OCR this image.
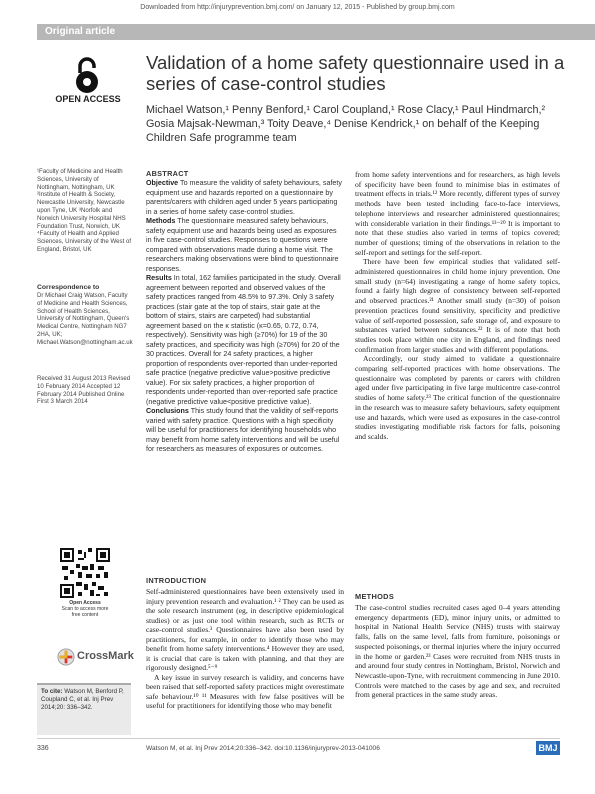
Downloaded from http://injuryprevention.bmj.com/ on January 12, 2015 - Published by group.bmj.com
Original article
OPEN ACCESS
Validation of a home safety questionnaire used in a series of case-control studies
Michael Watson,¹ Penny Benford,¹ Carol Coupland,¹ Rose Clacy,¹ Paul Hindmarch,² Gosia Majsak-Newman,³ Toity Deave,⁴ Denise Kendrick,¹ on behalf of the Keeping Children Safe programme team
¹Faculty of Medicine and Health Sciences, University of Nottingham, Nottingham, UK ²Institute of Health & Society, Newcastle University, Newcastle upon Tyne, UK ³Norfolk and Norwich University Hospital NHS Foundation Trust, Norwich, UK ⁴Faculty of Health and Applied Sciences, University of the West of England, Bristol, UK
Correspondence to
Dr Michael Craig Watson, Faculty of Medicine and Health Sciences, School of Health Sciences, University of Nottingham, Queen's Medical Centre, Nottingham NG7 2HA, UK; Michael.Watson@nottingham.ac.uk
Received 31 August 2013 Revised 10 February 2014 Accepted 12 February 2014 Published Online First 3 March 2014
ABSTRACT
Objective To measure the validity of safety behaviours, safety equipment use and hazards reported on a questionnaire by parents/carers with children aged under 5 years participating in a series of home safety case-control studies.
Methods The questionnaire measured safety behaviours, safety equipment use and hazards being used as exposures in five case-control studies. Responses to questions were compared with observations made during a home visit. The researchers making observations were blind to questionnaire responses.
Results In total, 162 families participated in the study. Overall agreement between reported and observed values of the safety practices ranged from 48.5% to 97.3%. Only 3 safety practices (stair gate at the top of stairs, stair gate at the bottom of stairs, stairs are carpeted) had substantial agreement based on the κ statistic (κ=0.65, 0.72, 0.74, respectively). Sensitivity was high (≥70%) for 19 of the 30 safety practices, and specificity was high (≥70%) for 20 of the 30 practices. Overall for 24 safety practices, a higher proportion of respondents over-reported than under-reported safe practice (negative predictive value>positive predictive value). For six safety practices, a higher proportion of respondents under-reported than over-reported safe practice (negative predictive value<positive predictive value).
Conclusions This study found that the validity of self-reports varied with safety practice. Questions with a high specificity will be useful for practitioners for identifying households who may benefit from home safety interventions and will be useful for researchers as measures of exposures or outcomes.

from home safety interventions and for researchers, as high levels of specificity have been found to minimise bias in estimates of treatment effects in trials.¹² More recently, different types of survey methods have been tested including face-to-face interviews, telephone interviews and researcher administered questionnaires; with considerable variation in their findings.¹³⁻²⁰ It is important to note that these studies also varied in terms of topics covered; number of questions; timing of the observations in relation to the self-report and settings for the self-report.

There have been few empirical studies that validated self-administered questionnaires in child home injury prevention. One small study (n=64) investigating a range of home safety topics, found a fairly high degree of consistency between self-reported and observed practices.²¹ Another small study (n=30) of poison prevention practices found sensitivity, specificity and predictive value of self-reported possession, safe storage of, and exposure to substances varied between substances.²² It is of note that both studies took place within one city in England, and findings need confirmation from larger studies and with different populations.

Accordingly, our study aimed to validate a questionnaire comparing self-reported practices with home observations. The questionnaire was completed by parents or carers with children aged under five participating in five large multicentre case-control studies of home safety.²³ The critical function of the questionnaire in the research was to measure safety behaviours, safety equipment use and hazards, which were used as exposures in the case-control studies investigating modifiable risk factors for falls, poisoning and scalds.

Open Access
Scan to access more
free content
CrossMark
To cite: Watson M, Benford P, Coupland C, et al. Inj Prev 2014;20: 336–342.
INTRODUCTION

Self-administered questionnaires have been extensively used in injury prevention research and evaluation.¹ ² They can be used as the sole research instrument (eg, in descriptive epidemiological studies) or as just one tool within research, such as RCTs or case-control studies.³ Questionnaires have also been used by practitioners, for example, in order to identify those who may benefit from home safety interventions.⁴ However they are used, it is crucial that care is taken with planning, and that they are rigorously designed.⁵⁻⁹

A key issue in survey research is validity, and concerns have been raised that self-reported safety practices might overestimate safe behaviour.¹⁰ ¹¹ Measures with few false positives will be useful for practitioners for identifying those who may benefit

METHODS
The case-control studies recruited cases aged 0–4 years attending emergency departments (ED), minor injury units, or admitted to hospital in National Health Service (NHS) trusts with stairway falls, falls on the same level, falls from furniture, poisonings or suspected poisonings, or thermal injuries where the injury occurred in the home or garden.²³ Cases were recruited from NHS trusts in and around four study centres in Nottingham, Bristol, Norwich and Newcastle-upon-Tyne, with recruitment commencing in June 2010. Controls were matched to the cases by age and sex, and recruited from general practices in the same study areas.
336	Watson M, et al. Inj Prev 2014;20:336–342. doi:10.1136/injuryprev-2013-041006	BMJ
